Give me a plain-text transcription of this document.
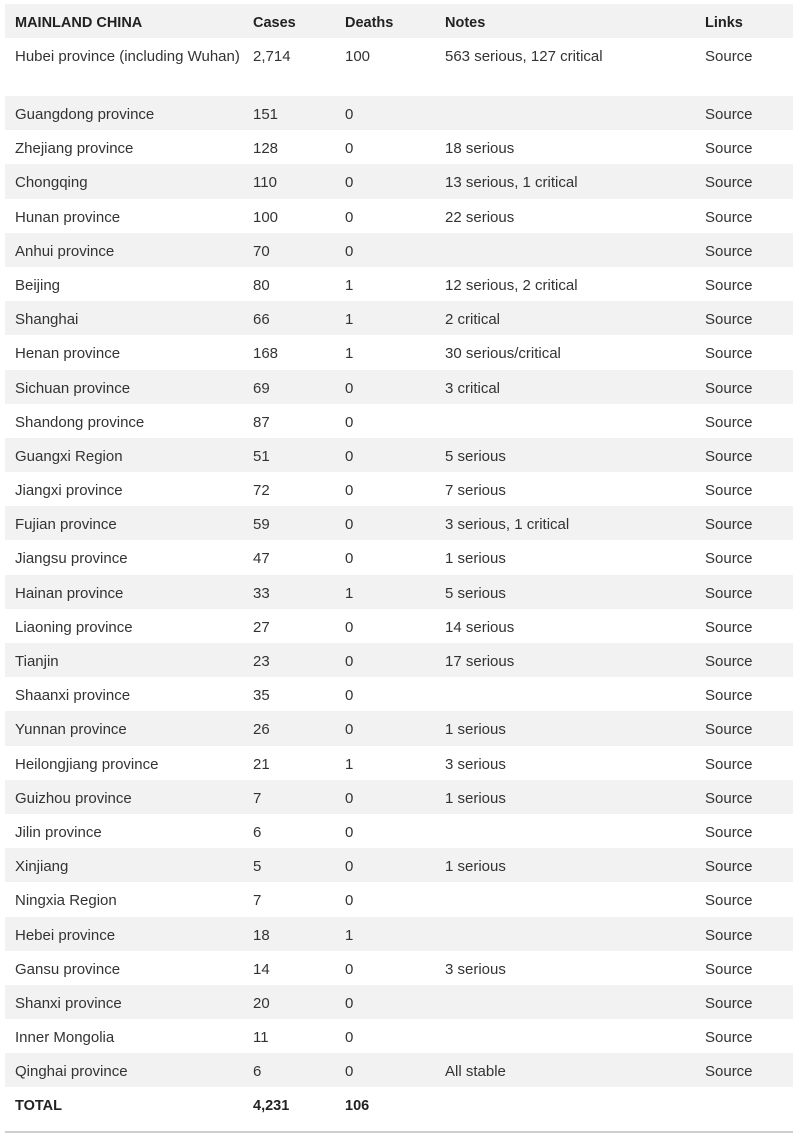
MAINLAND CHINA	Cases	Deaths	Notes	Links
Hubei province (including Wuhan)	2,714	100	563 serious, 127 critical	Source
Guangdong province	151	0		Source
Zhejiang province	128	0	18 serious	Source
Chongqing	110	0	13 serious, 1 critical	Source
Hunan province	100	0	22 serious	Source
Anhui province	70	0		Source
Beijing	80	1	12 serious, 2 critical	Source
Shanghai	66	1	2 critical	Source
Henan province	168	1	30 serious/critical	Source
Sichuan province	69	0	3 critical	Source
Shandong province	87	0		Source
Guangxi Region	51	0	5 serious	Source
Jiangxi province	72	0	7 serious	Source
Fujian province	59	0	3 serious, 1 critical	Source
Jiangsu province	47	0	1 serious	Source
Hainan province	33	1	5 serious	Source
Liaoning province	27	0	14 serious	Source
Tianjin	23	0	17 serious	Source
Shaanxi province	35	0		Source
Yunnan province	26	0	1 serious	Source
Heilongjiang province	21	1	3 serious	Source
Guizhou province	7	0	1 serious	Source
Jilin province	6	0		Source
Xinjiang	5	0	1 serious	Source
Ningxia Region	7	0		Source
Hebei province	18	1		Source
Gansu province	14	0	3 serious	Source
Shanxi province	20	0		Source
Inner Mongolia	11	0		Source
Qinghai province	6	0	All stable	Source
TOTAL	4,231	106		
